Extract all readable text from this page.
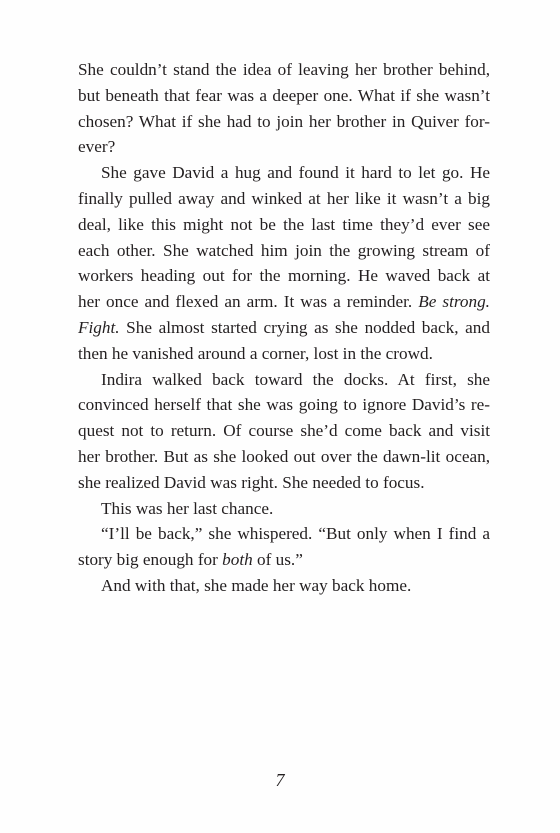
She couldn’t stand the idea of leaving her brother behind,
but beneath that fear was a deeper one. What if she wasn’t
chosen? What if she had to join her brother in Quiver for-
ever?
She gave David a hug and found it hard to let go. He
finally pulled away and winked at her like it wasn’t a big
deal, like this might not be the last time they’d ever see
each other. She watched him join the growing stream of
workers heading out for the morning. He waved back at
her once and flexed an arm. It was a reminder. Be strong.
Fight. She almost started crying as she nodded back, and
then he vanished around a corner, lost in the crowd.
Indira walked back toward the docks. At first, she
convinced herself that she was going to ignore David’s re-
quest not to return. Of course she’d come back and visit
her brother. But as she looked out over the dawn-lit ocean,
she realized David was right. She needed to focus.
This was her last chance.
“I’ll be back,” she whispered. “But only when I find a
story big enough for both of us.”
And with that, she made her way back home.
7
